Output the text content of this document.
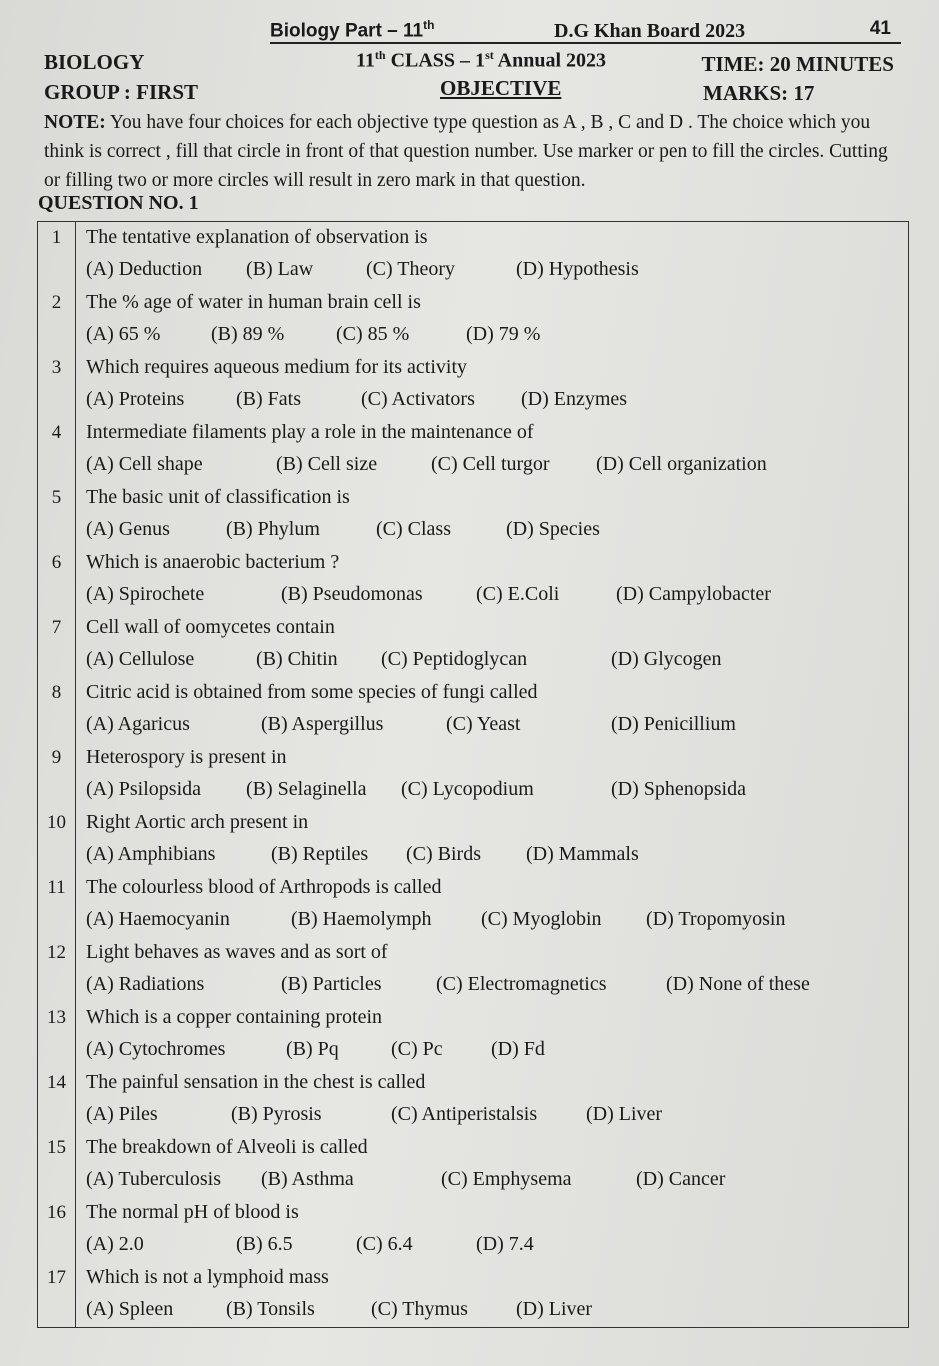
Biology Part – 11th	D.G Khan Board 2023	41
BIOLOGY
GROUP : FIRST
11th CLASS – 1st Annual 2023
OBJECTIVE
TIME: 20 MINUTES
MARKS: 17
NOTE: You have four choices for each objective type question as A , B , C and D . The choice which you think is correct , fill that circle in front of that question number. Use marker or pen to fill the circles. Cutting or filling two or more circles will result in zero mark in that question.
QUESTION NO. 1
1	The tentative explanation of observation is
(A) Deduction (B) Law	(C) Theory	(D) Hypothesis
2	The % age of water in human brain cell is
(A) 65 %	(B) 89 %	(C) 85 %	(D) 79 %
3	Which requires aqueous medium for its activity
(A) Proteins	(B) Fats	(C) Activators (D) Enzymes
4	Intermediate filaments play a role in the maintenance of
(A) Cell shape	(B) Cell size	(C) Cell turgor (D) Cell organization
5	The basic unit of classification is
(A) Genus	(B) Phylum	(C) Class	(D) Species
6	Which is anaerobic bacterium ?
(A) Spirochete	(B) Pseudomonas	(C) E.Coli	(D) Campylobacter
7	Cell wall of oomycetes contain
(A) Cellulose	(B) Chitin (C) Peptidoglycan	(D) Glycogen
8	Citric acid is obtained from some species of fungi called
(A) Agaricus	(B) Aspergillus	(C) Yeast	(D) Penicillium
9	Heterospory is present in
(A) Psilopsida (B) Selaginella (C) Lycopodium	(D) Sphenopsida
10	Right Aortic arch present in
(A) Amphibians	(B) Reptiles (C) Birds (D) Mammals
11	The colourless blood of Arthropods is called
(A) Haemocyanin	(B) Haemolymph (C) Myoglobin (D) Tropomyosin
12	Light behaves as waves and as sort of
(A) Radiations	(B) Particles	(C) Electromagnetics	(D) None of these
13	Which is a copper containing protein
(A) Cytochromes	(B) Pq	(C) Pc (D) Fd
14	The painful sensation in the chest is called
(A) Piles	(B) Pyrosis	(C) Antiperistalsis (D) Liver
15	The breakdown of Alveoli is called
(A) Tuberculosis (B) Asthma	(C) Emphysema	(D) Cancer
16	The normal pH of blood is
(A) 2.0	(B) 6.5	(C) 6.4	(D) 7.4
17	Which is not a lymphoid mass
(A) Spleen	(B) Tonsils	(C) Thymus (D) Liver
